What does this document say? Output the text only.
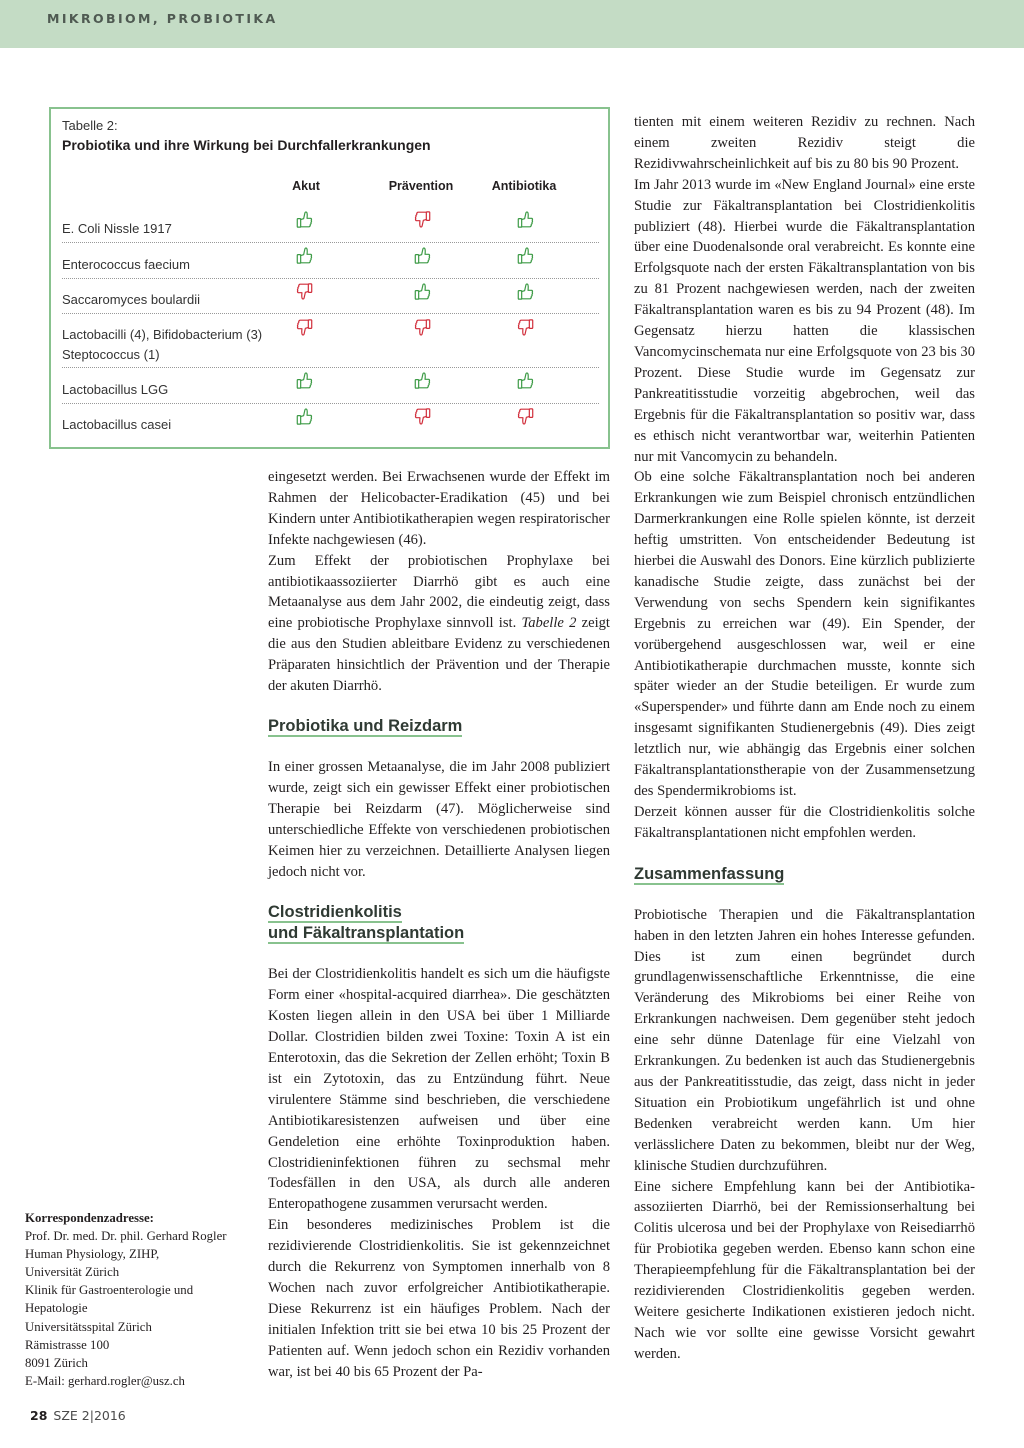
MIKROBIOM, PROBIOTIKA
Tabelle 2:
Probiotika und ihre Wirkung bei Durchfallerkrankungen
Akut	Prävention	Antibiotika
E. Coli Nissle 1917
Enterococcus faecium
Saccaromyces boulardii
Lactobacilli (4), Bifidobacterium (3)
Steptococcus (1)
Lactobacillus LGG
Lactobacillus casei

eingesetzt werden. Bei Erwachsenen wurde der Effekt im Rahmen der Helicobacter-Eradikation (45) und bei Kindern unter Antibiotikatherapien wegen respiratorischer Infekte nachgewiesen (46).

Zum Effekt der probiotischen Prophylaxe bei antibiotikaassoziierter Diarrhö gibt es auch eine Metaanalyse aus dem Jahr 2002, die eindeutig zeigt, dass eine probiotische Prophylaxe sinnvoll ist. Tabelle 2 zeigt die aus den Studien ableitbare Evidenz zu verschiedenen Präparaten hinsichtlich der Prävention und der Therapie der akuten Diarrhö.

Probiotika und Reizdarm

In einer grossen Metaanalyse, die im Jahr 2008 publiziert wurde, zeigt sich ein gewisser Effekt einer probiotischen Therapie bei Reizdarm (47). Möglicherweise sind unterschiedliche Effekte von verschiedenen probiotischen Keimen hier zu verzeichnen. Detaillierte Analysen liegen jedoch nicht vor.

Clostridienkolitis
und Fäkaltransplantation

Bei der Clostridienkolitis handelt es sich um die häufigste Form einer «hospital-acquired diarrhea». Die geschätzten Kosten liegen allein in den USA bei über 1 Milliarde Dollar. Clostridien bilden zwei Toxine: Toxin A ist ein Enterotoxin, das die Sekretion der Zellen erhöht; Toxin B ist ein Zytotoxin, das zu Entzündung führt. Neue virulentere Stämme sind beschrieben, die verschiedene Antibiotikaresistenzen aufweisen und über eine Gendeletion eine erhöhte Toxinproduktion haben. Clostridieninfektionen führen zu sechsmal mehr Todesfällen in den USA, als durch alle anderen Enteropathogene zusammen verursacht werden.

Ein besonderes medizinisches Problem ist die rezidivierende Clostridienkolitis. Sie ist gekennzeichnet durch die Rekurrenz von Symptomen innerhalb von 8 Wochen nach zuvor erfolgreicher Antibiotikatherapie. Diese Rekurrenz ist ein häufiges Problem. Nach der initialen Infektion tritt sie bei etwa 10 bis 25 Prozent der Patienten auf. Wenn jedoch schon ein Rezidiv vorhanden war, ist bei 40 bis 65 Prozent der Pa-

tienten mit einem weiteren Rezidiv zu rechnen. Nach einem zweiten Rezidiv steigt die Rezidivwahrscheinlichkeit auf bis zu 80 bis 90 Prozent.

Im Jahr 2013 wurde im «New England Journal» eine erste Studie zur Fäkaltransplantation bei Clostridienkolitis publiziert (48). Hierbei wurde die Fäkaltransplantation über eine Duodenalsonde oral verabreicht. Es konnte eine Erfolgsquote nach der ersten Fäkaltransplantation von bis zu 81 Prozent nachgewiesen werden, nach der zweiten Fäkaltransplantation waren es bis zu 94 Prozent (48). Im Gegensatz hierzu hatten die klassischen Vancomycinschemata nur eine Erfolgsquote von 23 bis 30 Prozent. Diese Studie wurde im Gegensatz zur Pankreatitisstudie vorzeitig abgebrochen, weil das Ergebnis für die Fäkaltransplantation so positiv war, dass es ethisch nicht verantwortbar war, weiterhin Patienten nur mit Vancomycin zu behandeln.

Ob eine solche Fäkaltransplantation noch bei anderen Erkrankungen wie zum Beispiel chronisch entzündlichen Darmerkrankungen eine Rolle spielen könnte, ist derzeit heftig umstritten. Von entscheidender Bedeutung ist hierbei die Auswahl des Donors. Eine kürzlich publizierte kanadische Studie zeigte, dass zunächst bei der Verwendung von sechs Spendern kein signifikantes Ergebnis zu erreichen war (49). Ein Spender, der vorübergehend ausgeschlossen war, weil er eine Antibiotikatherapie durchmachen musste, konnte sich später wieder an der Studie beteiligen. Er wurde zum «Superspender» und führte dann am Ende noch zu einem insgesamt signifikanten Studienergebnis (49). Dies zeigt letztlich nur, wie abhängig das Ergebnis einer solchen Fäkaltransplantationstherapie von der Zusammensetzung des Spendermikrobioms ist.

Derzeit können ausser für die Clostridienkolitis solche Fäkaltransplantationen nicht empfohlen werden.

Zusammenfassung

Probiotische Therapien und die Fäkaltransplantation haben in den letzten Jahren ein hohes Interesse gefunden. Dies ist zum einen begründet durch grundlagenwissenschaftliche Erkenntnisse, die eine Veränderung des Mikrobioms bei einer Reihe von Erkrankungen nachweisen. Dem gegenüber steht jedoch eine sehr dünne Datenlage für eine Vielzahl von Erkrankungen. Zu bedenken ist auch das Studienergebnis aus der Pankreatitisstudie, das zeigt, dass nicht in jeder Situation ein Probiotikum ungefährlich ist und ohne Bedenken verabreicht werden kann. Um hier verlässlichere Daten zu bekommen, bleibt nur der Weg, klinische Studien durchzuführen.

Eine sichere Empfehlung kann bei der Antibiotika-assoziierten Diarrhö, bei der Remissionserhaltung bei Colitis ulcerosa und bei der Prophylaxe von Reisediarrhö für Probiotika gegeben werden. Ebenso kann schon eine Therapieempfehlung für die Fäkaltransplantation bei der rezidivierenden Clostridienkolitis gegeben werden. Weitere gesicherte Indikationen existieren jedoch nicht. Nach wie vor sollte eine gewisse Vorsicht gewahrt werden.

Korrespondenzadresse:
Prof. Dr. med. Dr. phil. Gerhard Rogler
Human Physiology, ZIHP,
Universität Zürich
Klinik für Gastroenterologie und
Hepatologie
Universitätsspital Zürich
Rämistrasse 100
8091 Zürich
E-Mail: gerhard.rogler@usz.ch
28 SZE 2|2016
